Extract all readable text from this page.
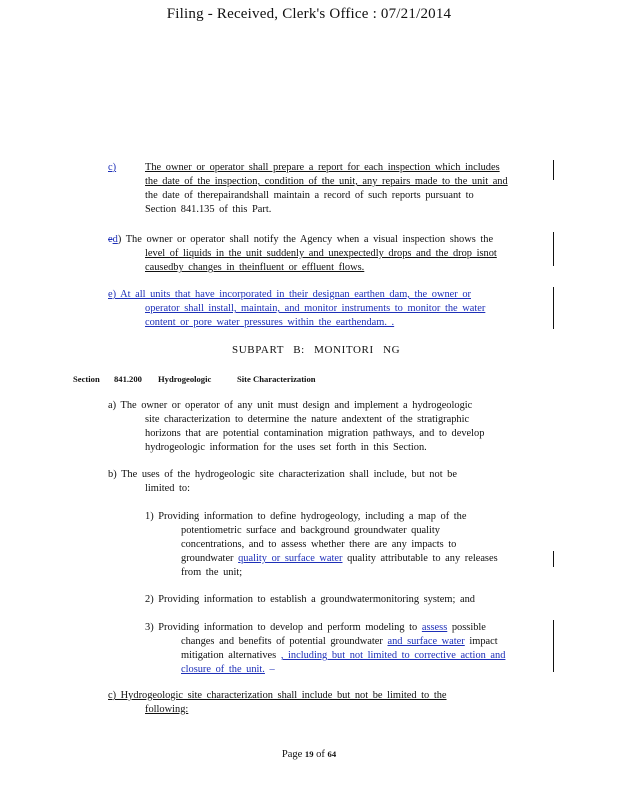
Filing - Received, Clerk's Office : 07/21/2014
c)	The owner or operator shall prepare a report for each inspection which includes
the date of the inspection, condition of the unit, any repairs made to the unit and
the date of therepairandshall maintain a record of such reports pursuant to
Section 841.135 of this Part.
ed) The owner or operator shall notify the Agency when a visual inspection shows the
level of liquids in the unit suddenly and unexpectedly drops and the drop isnot
causedby changes in theinfluent or effluent flows.
e) At all units that have incorporated in their designan earthen dam, the owner or
operator shall install, maintain, and monitor instruments to monitor the water
content or pore water pressures within the earthendam. .
SUBPART B: MONITORI NG
Section 841.200 Hydrogeologic	Site Characterization
a) The owner or operator of any unit must design and implement a hydrogeologic
site characterization to determine the nature andextent of the stratigraphic
horizons that are potential contamination migration pathways, and to develop
hydrogeologic information for the uses set forth in this Section.
b) The uses of the hydrogeologic site characterization shall include, but not be
limited to:
1) Providing information to define hydrogeology, including a map of the
potentiometric surface and background groundwater quality
concentrations, and to assess whether there are any impacts to
groundwater quality or surface water quality attributable to any releases
from the unit;
2) Providing information to establish a groundwatermonitoring system; and
3) Providing information to develop and perform modeling to assess possible
changes and benefits of potential groundwater and surface water impact
mitigation alternatives , including but not limited to corrective action and
closure of the unit. –
c) Hydrogeologic site characterization shall include but not be limited to the
following:
Page 19 of 64
